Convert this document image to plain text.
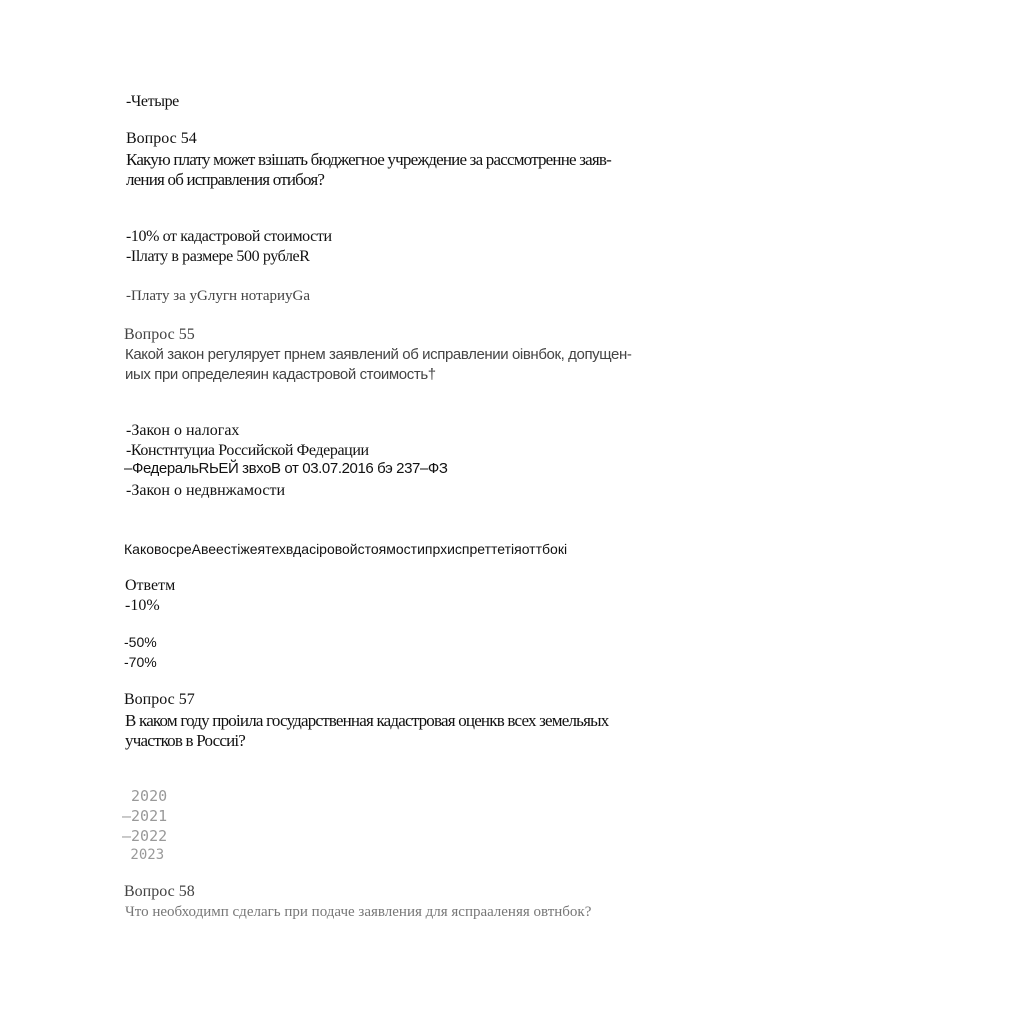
-Четыре
Вопрос 54
Какую плату может взішать бюджегное учреждение за рассмотренне заяв-
ления об исправления отибоя?
-10% от кадастровой стоимости
-Ilлату в размере 500 рублеR
-Плату за уGлугн нотариуGa
Вопрос 55
Какой закон регулярует прнем заявлений об исправлении оівнбок, допущен-
иых при определеяин кадастровой стоимость†
-Закон о налогах
-Констнтуциа Российской Федерации
–ФедеральRЬЕЙ звхоВ от 03.07.2016 бэ 237–ФЗ
-Закон о недвнжамости
КаковосреАвеестіжеятехвдасіровойстоямостипрхиспреттетіяоттбокі
Ответм
-10%
-50%
-70%
Вопрос 57
В каком году проіила государственная кадастровая оценкв всех земельяых
участков в Россиі?
2020
–2021
–2022
2023
Вопрос 58
Что необходимп сделагь при подаче заявления для яспраaленяя овтнбок?
